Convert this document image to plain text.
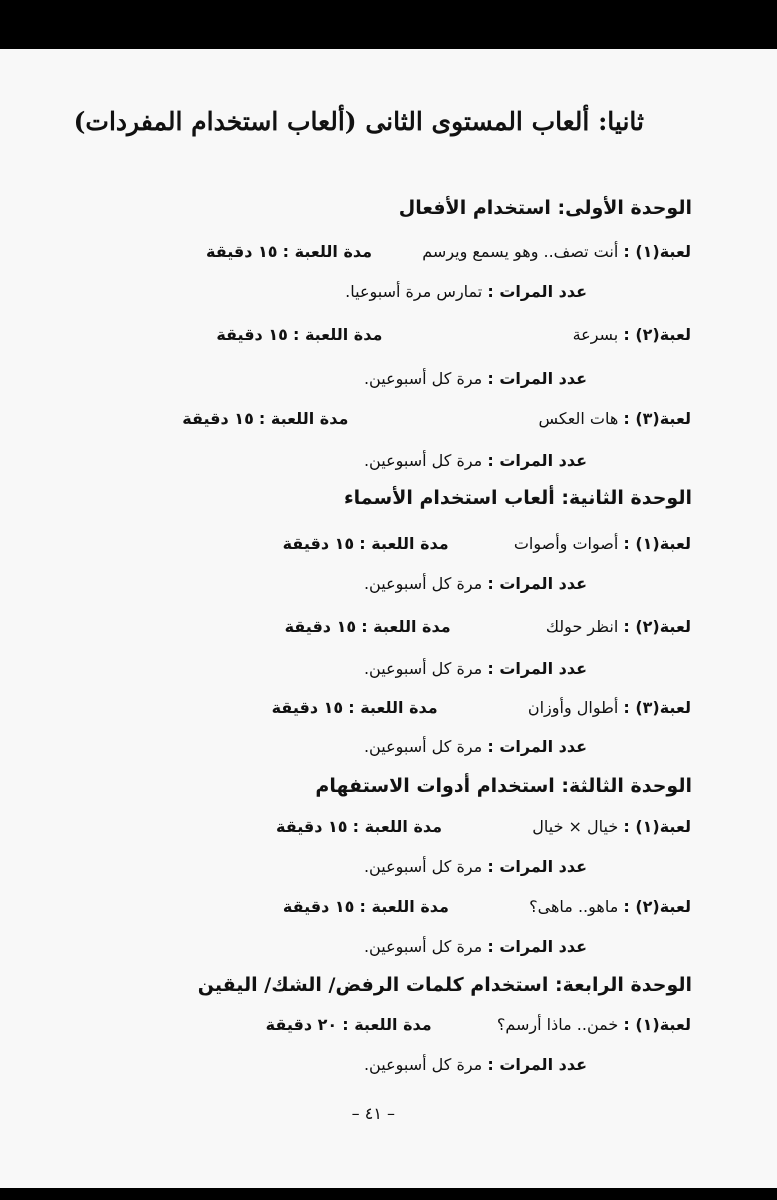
ثانيا: ألعاب المستوى الثانى (ألعاب استخدام المفردات)
الوحدة الأولى: استخدام الأفعال
لعبة(١) : أنت تصف.. وهو يسمع ويرسم  مدة اللعبة : ١٥ دقيقة
عدد المرات : تمارس مرة أسبوعيا.
لعبة(٢) : بسرعة  مدة اللعبة : ١٥ دقيقة
عدد المرات : مرة كل أسبوعين.
لعبة(٣) : هات العكس  مدة اللعبة : ١٥ دقيقة
عدد المرات : مرة كل أسبوعين.
الوحدة الثانية: ألعاب استخدام الأسماء
لعبة(١) : أصوات وأصوات  مدة اللعبة : ١٥ دقيقة
عدد المرات : مرة كل أسبوعين.
لعبة(٢) : انظر حولك  مدة اللعبة : ١٥ دقيقة
عدد المرات : مرة كل أسبوعين.
لعبة(٣) : أطوال وأوزان  مدة اللعبة : ١٥ دقيقة
عدد المرات : مرة كل أسبوعين.
الوحدة الثالثة: استخدام أدوات الاستفهام
لعبة(١) : خيال × خيال  مدة اللعبة : ١٥ دقيقة
عدد المرات : مرة كل أسبوعين.
لعبة(٢) : ماهو.. ماهى؟  مدة اللعبة : ١٥ دقيقة
عدد المرات : مرة كل أسبوعين.
الوحدة الرابعة: استخدام كلمات الرفض/ الشك/ اليقين
لعبة(١) : خمن.. ماذا أرسم؟  مدة اللعبة : ٢٠ دقيقة
عدد المرات : مرة كل أسبوعين.
– ٤١ –
